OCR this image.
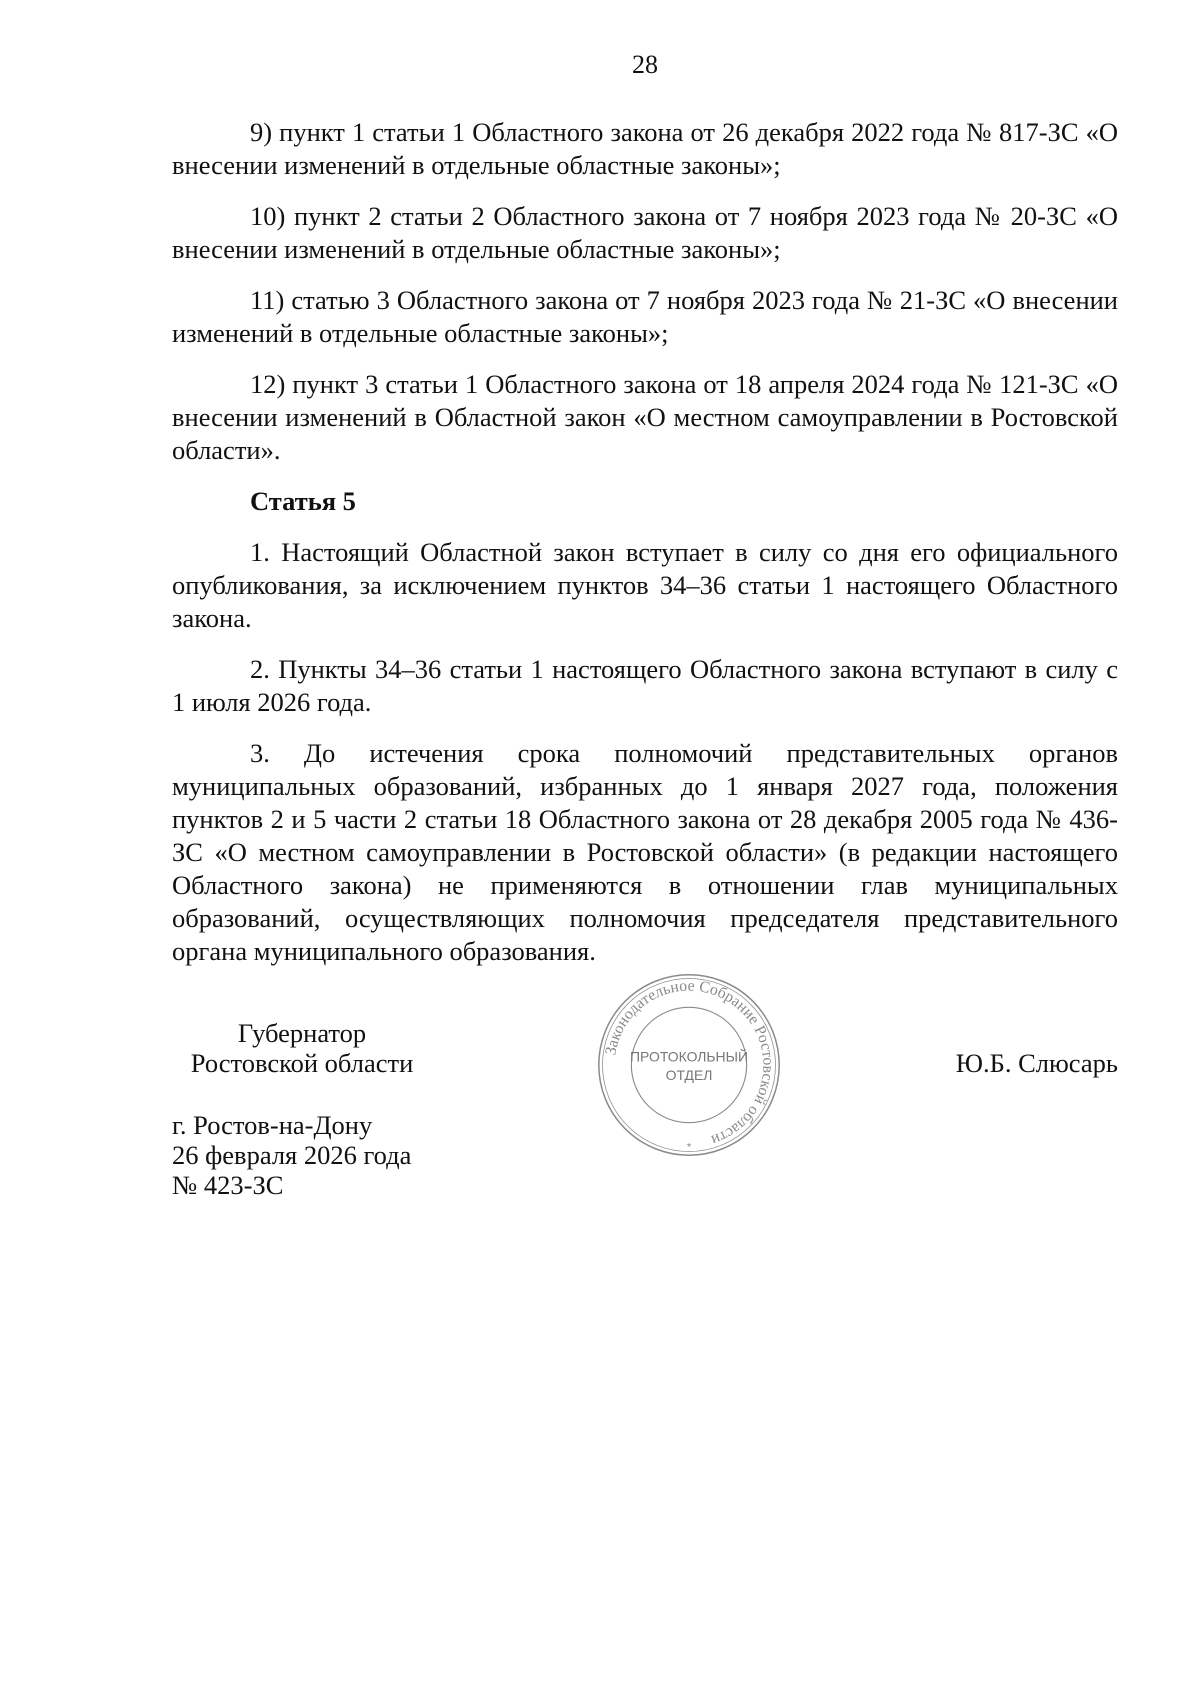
28

9) пункт 1 статьи 1 Областного закона от 26 декабря 2022 года № 817-ЗС «О внесении изменений в отдельные областные законы»;

10) пункт 2 статьи 2 Областного закона от 7 ноября 2023 года № 20-ЗС «О внесении изменений в отдельные областные законы»;

11) статью 3 Областного закона от 7 ноября 2023 года № 21-ЗС «О внесении изменений в отдельные областные законы»;

12) пункт 3 статьи 1 Областного закона от 18 апреля 2024 года № 121-ЗС «О внесении изменений в Областной закон «О местном самоуправлении в Ростовской области».

Статья 5

1. Настоящий Областной закон вступает в силу со дня его официального опубликования, за исключением пунктов 34–36 статьи 1 настоящего Областного закона.

2. Пункты 34–36 статьи 1 настоящего Областного закона вступают в силу с 1 июля 2026 года.

3. До истечения срока полномочий представительных органов муниципальных образований, избранных до 1 января 2027 года, положения пунктов 2 и 5 части 2 статьи 18 Областного закона от 28 декабря 2005 года № 436-ЗС «О местном самоуправлении в Ростовской области» (в редакции настоящего Областного закона) не применяются в отношении глав муниципальных образований, осуществляющих полномочия председателя представительного органа муниципального образования.

Губернатор
Ростовской области	Ю.Б. Слюсарь
г. Ростов-на-Дону
26 февраля 2026 года
№ 423-ЗС
Законодательное Собрание Ростовской области
ПРОТОКОЛЬНЫЙ
ОТДЕЛ
*
